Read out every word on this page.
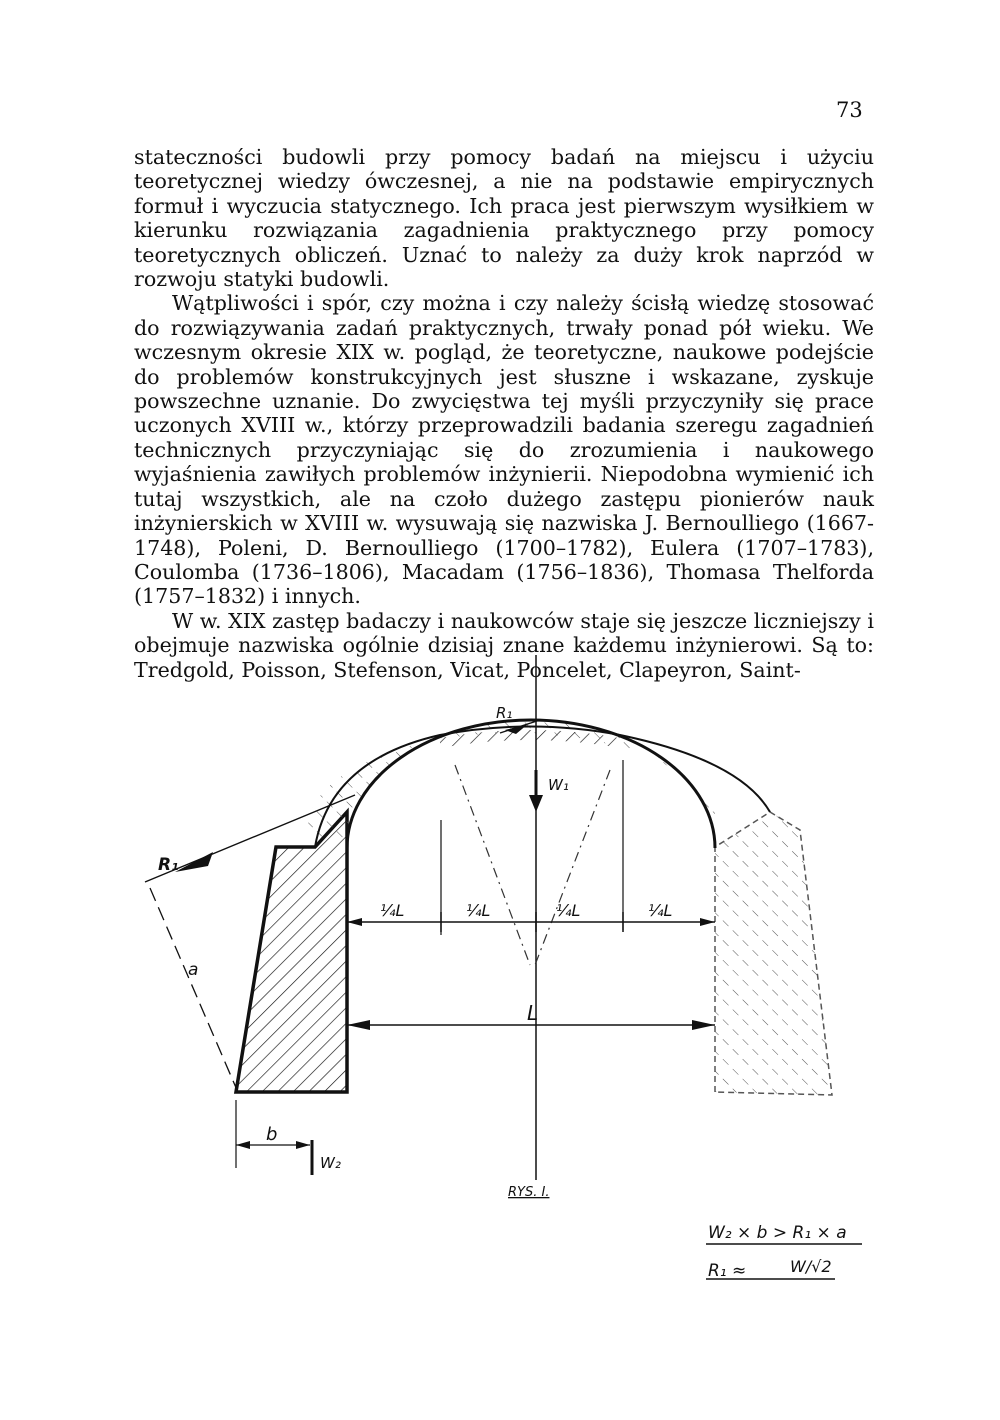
73

stateczności budowli przy pomocy badań na miejscu i użyciu teoretycznej wiedzy ówczesnej, a nie na podstawie empirycznych formuł i wyczucia statycznego. Ich praca jest pierwszym wysiłkiem w kierunku rozwiązania zagadnienia praktycznego przy pomocy teoretycznych obliczeń. Uznać to należy za duży krok naprzód w rozwoju statyki budowli.

Wątpliwości i spór, czy można i czy należy ścisłą wiedzę stosować do rozwiązywania zadań praktycznych, trwały ponad pół wieku. We wczesnym okresie XIX w. pogląd, że teoretyczne, naukowe podejście do problemów konstrukcyjnych jest słuszne i wskazane, zyskuje powszechne uznanie. Do zwycięstwa tej myśli przyczyniły się prace uczonych XVIII w., którzy przeprowadzili badania szeregu zagadnień technicznych przyczyniając się do zrozumienia i naukowego wyjaśnienia zawiłych problemów inżynierii. Niepodobna wymienić ich tutaj wszystkich, ale na czoło dużego zastępu pionierów nauk inżynierskich w XVIII w. wysuwają się nazwiska J. Bernoulliego (1667-1748), Poleni, D. Bernoulliego (1700–1782), Eulera (1707–1783), Coulomba (1736–1806), Macadam (1756–1836), Thomasa Thelforda (1757–1832) i innych.

W w. XIX zastęp badaczy i naukowców staje się jeszcze liczniejszy i obejmuje nazwiska ogólnie dzisiaj znane każdemu inżynierowi. Są to: Tredgold, Poisson, Stefenson, Vicat, Poncelet, Clapeyron, Saint-

R₁
W₁
R₁
¼L	¼L	¼L	¼L
a
L
b
W₂
RYS. I.
W₂ × b > R₁ × a
R₁ ≈	W/√2
